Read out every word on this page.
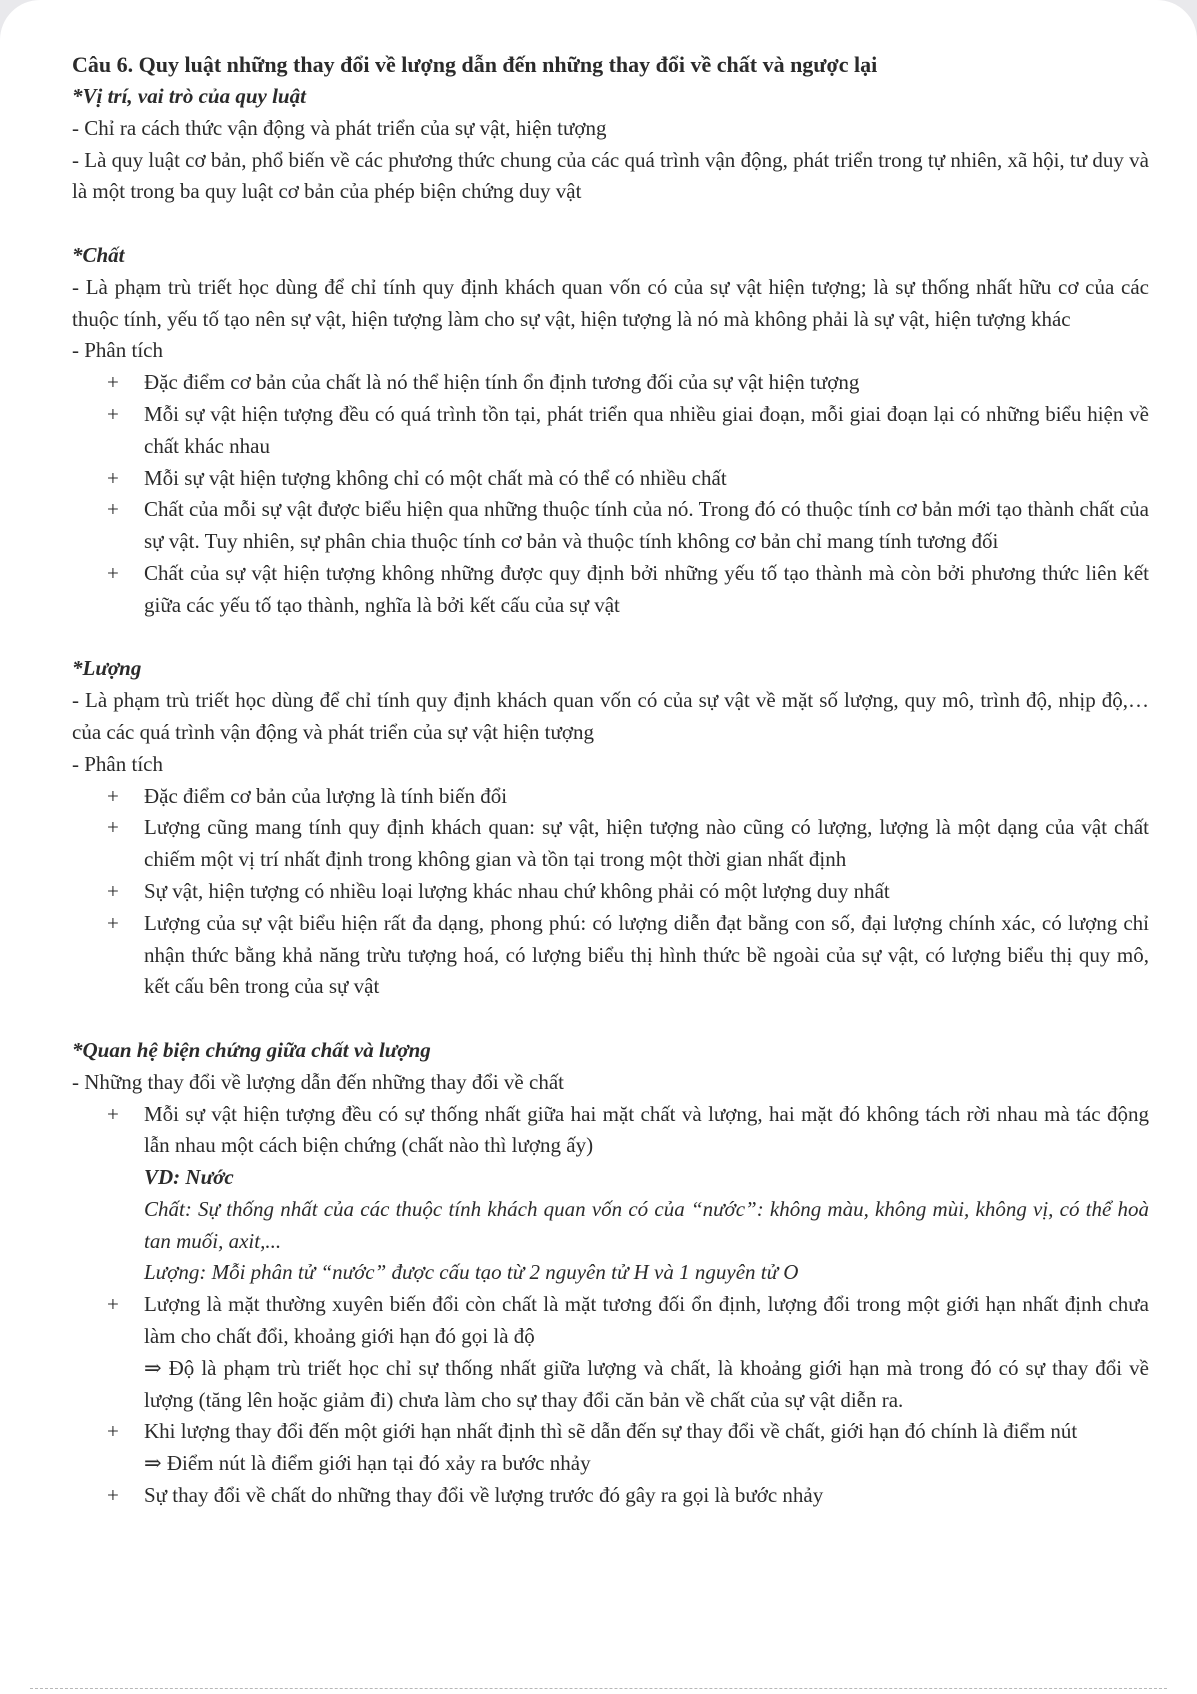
Câu 6. Quy luật những thay đổi về lượng dẫn đến những thay đổi về chất và ngược lại

*Vị trí, vai trò của quy luật

- Chỉ ra cách thức vận động và phát triển của sự vật, hiện tượng

- Là quy luật cơ bản, phổ biến về các phương thức chung của các quá trình vận động, phát triển trong tự nhiên, xã hội, tư duy và là một trong ba quy luật cơ bản của phép biện chứng duy vật

*Chất

- Là phạm trù triết học dùng để chỉ tính quy định khách quan vốn có của sự vật hiện tượng; là sự thống nhất hữu cơ của các thuộc tính, yếu tố tạo nên sự vật, hiện tượng làm cho sự vật, hiện tượng là nó mà không phải là sự vật, hiện tượng khác

- Phân tích

+	Đặc điểm cơ bản của chất là nó thể hiện tính ổn định tương đối của sự vật hiện tượng
+	Mỗi sự vật hiện tượng đều có quá trình tồn tại, phát triển qua nhiều giai đoạn, mỗi giai đoạn lại có những biểu hiện về chất khác nhau
+	Mỗi sự vật hiện tượng không chỉ có một chất mà có thể có nhiều chất
+	Chất của mỗi sự vật được biểu hiện qua những thuộc tính của nó. Trong đó có thuộc tính cơ bản mới tạo thành chất của sự vật. Tuy nhiên, sự phân chia thuộc tính cơ bản và thuộc tính không cơ bản chỉ mang tính tương đối
+	Chất của sự vật hiện tượng không những được quy định bởi những yếu tố tạo thành mà còn bởi phương thức liên kết giữa các yếu tố tạo thành, nghĩa là bởi kết cấu của sự vật

*Lượng

- Là phạm trù triết học dùng để chỉ tính quy định khách quan vốn có của sự vật về mặt số lượng, quy mô, trình độ, nhịp độ,… của các quá trình vận động và phát triển của sự vật hiện tượng

- Phân tích

+	Đặc điểm cơ bản của lượng là tính biến đổi
+	Lượng cũng mang tính quy định khách quan: sự vật, hiện tượng nào cũng có lượng, lượng là một dạng của vật chất chiếm một vị trí nhất định trong không gian và tồn tại trong một thời gian nhất định
+	Sự vật, hiện tượng có nhiều loại lượng khác nhau chứ không phải có một lượng duy nhất
+	Lượng của sự vật biểu hiện rất đa dạng, phong phú: có lượng diễn đạt bằng con số, đại lượng chính xác, có lượng chỉ nhận thức bằng khả năng trừu tượng hoá, có lượng biểu thị hình thức bề ngoài của sự vật, có lượng biểu thị quy mô, kết cấu bên trong của sự vật

*Quan hệ biện chứng giữa chất và lượng

- Những thay đổi về lượng dẫn đến những thay đổi về chất

+	Mỗi sự vật hiện tượng đều có sự thống nhất giữa hai mặt chất và lượng, hai mặt đó không tách rời nhau mà tác động lẫn nhau một cách biện chứng (chất nào thì lượng ấy)

VD: Nước

Chất: Sự thống nhất của các thuộc tính khách quan vốn có của “nước”: không màu, không mùi, không vị, có thể hoà tan muối, axit,...

Lượng: Mỗi phân tử “nước” được cấu tạo từ 2 nguyên tử H và 1 nguyên tử O

+	Lượng là mặt thường xuyên biến đổi còn chất là mặt tương đối ổn định, lượng đổi trong một giới hạn nhất định chưa làm cho chất đổi, khoảng giới hạn đó gọi là độ

⇒ Độ là phạm trù triết học chỉ sự thống nhất giữa lượng và chất, là khoảng giới hạn mà trong đó có sự thay đổi về lượng (tăng lên hoặc giảm đi) chưa làm cho sự thay đổi căn bản về chất của sự vật diễn ra.

+	Khi lượng thay đổi đến một giới hạn nhất định thì sẽ dẫn đến sự thay đổi về chất, giới hạn đó chính là điểm nút

⇒ Điểm nút là điểm giới hạn tại đó xảy ra bước nhảy

+	Sự thay đổi về chất do những thay đổi về lượng trước đó gây ra gọi là bước nhảy
